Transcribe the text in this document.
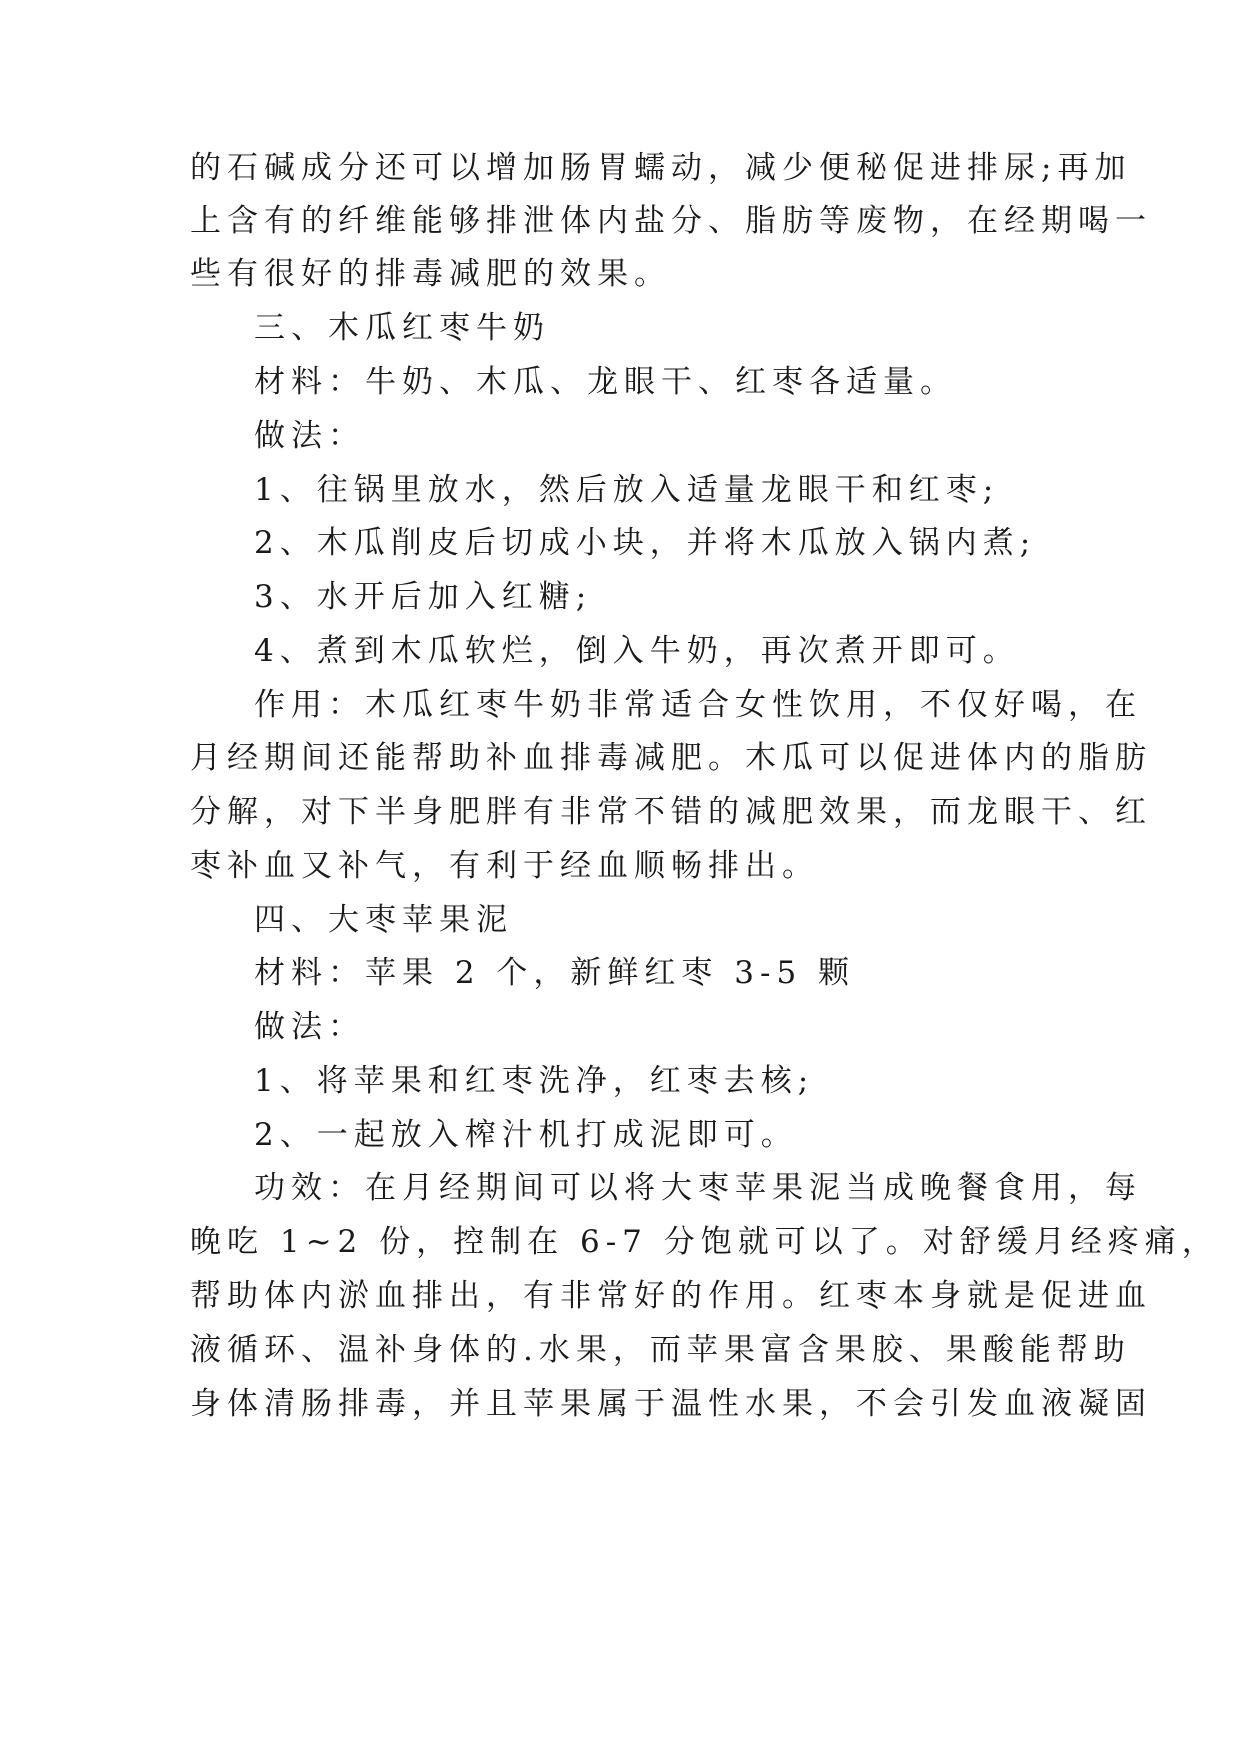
的石碱成分还可以增加肠胃蠕动，减少便秘促进排尿;再加
上含有的纤维能够排泄体内盐分、脂肪等废物，在经期喝一
些有很好的排毒减肥的效果。
三、木瓜红枣牛奶
材料：牛奶、木瓜、龙眼干、红枣各适量。
做法：
1、往锅里放水，然后放入适量龙眼干和红枣;
2、木瓜削皮后切成小块，并将木瓜放入锅内煮;
3、水开后加入红糖;
4、煮到木瓜软烂，倒入牛奶，再次煮开即可。
作用：木瓜红枣牛奶非常适合女性饮用，不仅好喝，在
月经期间还能帮助补血排毒减肥。木瓜可以促进体内的脂肪
分解，对下半身肥胖有非常不错的减肥效果，而龙眼干、红
枣补血又补气，有利于经血顺畅排出。
四、大枣苹果泥
材料：苹果 2 个，新鲜红枣 3-5 颗
做法：
1、将苹果和红枣洗净，红枣去核;
2、一起放入榨汁机打成泥即可。
功效：在月经期间可以将大枣苹果泥当成晚餐食用，每
晚吃 1~2 份，控制在 6-7 分饱就可以了。对舒缓月经疼痛，
帮助体内淤血排出，有非常好的作用。红枣本身就是促进血
液循环、温补身体的.水果，而苹果富含果胶、果酸能帮助
身体清肠排毒，并且苹果属于温性水果，不会引发血液凝固
